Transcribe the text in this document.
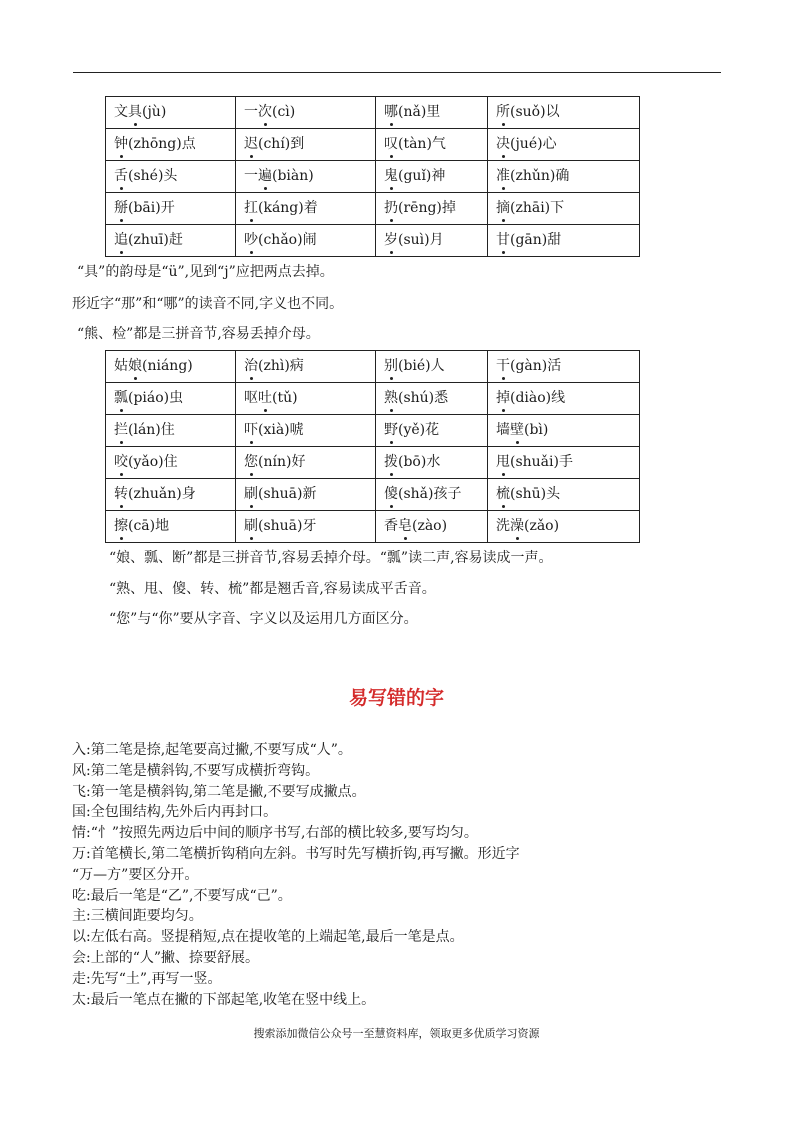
文具(jù)	一次(cì)	哪(nǎ)里	所(suǒ)以
钟(zhōng)点	迟(chí)到	叹(tàn)气	决(jué)心
舌(shé)头	一遍(biàn)	鬼(guǐ)神	准(zhǔn)确
掰(bāi)开	扛(káng)着	扔(rēng)掉	摘(zhāi)下
追(zhuī)赶	吵(chǎo)闹	岁(suì)月	甘(gān)甜
“具”的韵母是“ü”,见到“j”应把两点去掉。
形近字“那”和“哪”的读音不同,字义也不同。
“熊、检”都是三拼音节,容易丢掉介母。
姑娘(niáng)	治(zhì)病	别(bié)人	干(gàn)活
瓢(piáo)虫	呕吐(tǔ)	熟(shú)悉	掉(diào)线
拦(lán)住	吓(xià)唬	野(yě)花	墙壁(bì)
咬(yǎo)住	您(nín)好	拨(bō)水	甩(shuǎi)手
转(zhuǎn)身	刷(shuā)新	傻(shǎ)孩子	梳(shū)头
擦(cā)地	刷(shuā)牙	香皂(zào)	洗澡(zǎo)
“娘、瓢、断”都是三拼音节,容易丢掉介母。“瓢”读二声,容易读成一声。
“熟、甩、傻、转、梳”都是翘舌音,容易读成平舌音。
“您”与“你”要从字音、字义以及运用几方面区分。
易写错的字
入:第二笔是捺,起笔要高过撇,不要写成“人”。
风:第二笔是横斜钩,不要写成横折弯钩。
飞:第一笔是横斜钩,第二笔是撇,不要写成撇点。
国:全包围结构,先外后内再封口。
情:“忄”按照先两边后中间的顺序书写,右部的横比较多,要写均匀。
万:首笔横长,第二笔横折钩稍向左斜。书写时先写横折钩,再写撇。形近字
“万—方”要区分开。
吃:最后一笔是“乙”,不要写成“己”。
主:三横间距要均匀。
以:左低右高。竖提稍短,点在提收笔的上端起笔,最后一笔是点。
会:上部的“人”撇、捺要舒展。
走:先写“土”,再写一竖。
太:最后一笔点在撇的下部起笔,收笔在竖中线上。
搜索添加微信公众号一至慧资料库，领取更多优质学习资源
